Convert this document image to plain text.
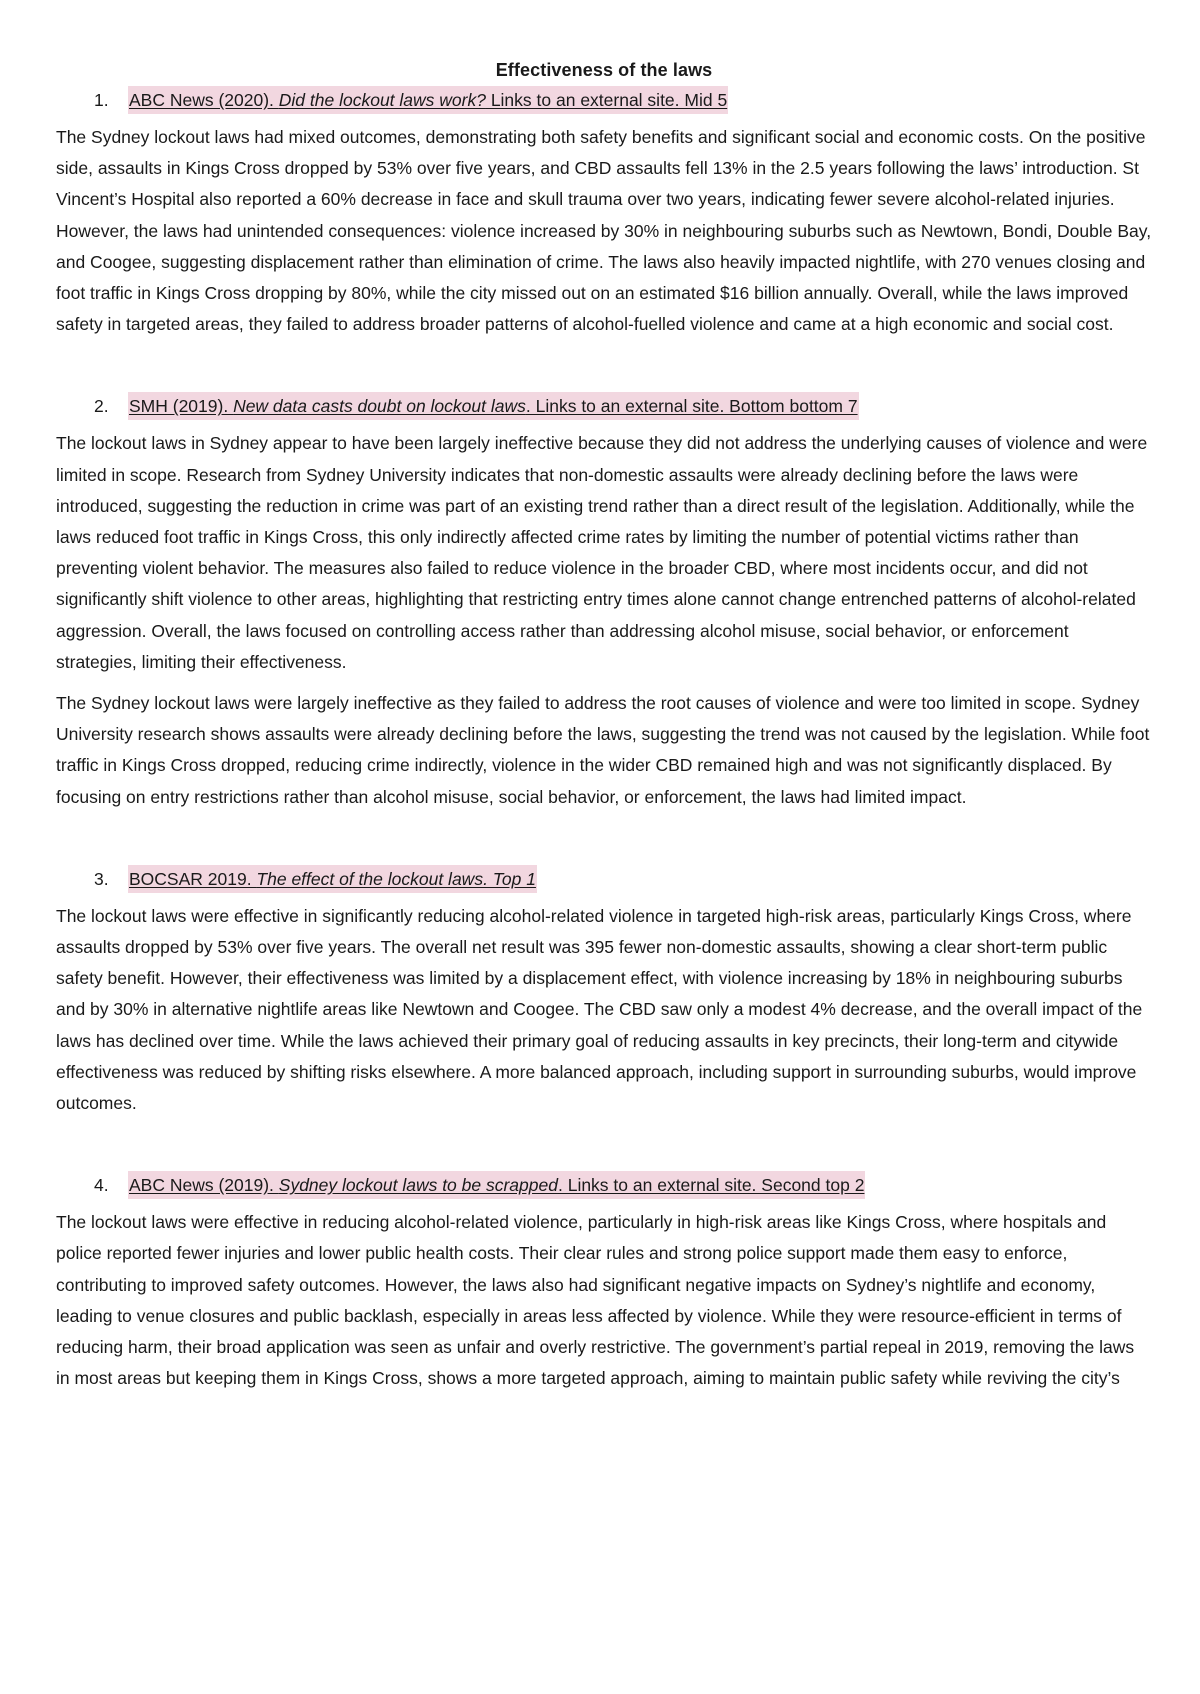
Effectiveness of the laws
1.	ABC News (2020). Did the lockout laws work? Links to an external site. Mid 5

The Sydney lockout laws had mixed outcomes, demonstrating both safety benefits and significant social and economic costs. On the positive side, assaults in Kings Cross dropped by 53% over five years, and CBD assaults fell 13% in the 2.5 years following the laws’ introduction. St Vincent’s Hospital also reported a 60% decrease in face and skull trauma over two years, indicating fewer severe alcohol-related injuries. However, the laws had unintended consequences: violence increased by 30% in neighbouring suburbs such as Newtown, Bondi, Double Bay, and Coogee, suggesting displacement rather than elimination of crime. The laws also heavily impacted nightlife, with 270 venues closing and foot traffic in Kings Cross dropping by 80%, while the city missed out on an estimated $16 billion annually. Overall, while the laws improved safety in targeted areas, they failed to address broader patterns of alcohol-fuelled violence and came at a high economic and social cost.

2.	SMH (2019). New data casts doubt on lockout laws. Links to an external site. Bottom bottom 7

The lockout laws in Sydney appear to have been largely ineffective because they did not address the underlying causes of violence and were limited in scope. Research from Sydney University indicates that non-domestic assaults were already declining before the laws were introduced, suggesting the reduction in crime was part of an existing trend rather than a direct result of the legislation. Additionally, while the laws reduced foot traffic in Kings Cross, this only indirectly affected crime rates by limiting the number of potential victims rather than preventing violent behavior. The measures also failed to reduce violence in the broader CBD, where most incidents occur, and did not significantly shift violence to other areas, highlighting that restricting entry times alone cannot change entrenched patterns of alcohol-related aggression. Overall, the laws focused on controlling access rather than addressing alcohol misuse, social behavior, or enforcement strategies, limiting their effectiveness.

The Sydney lockout laws were largely ineffective as they failed to address the root causes of violence and were too limited in scope. Sydney University research shows assaults were already declining before the laws, suggesting the trend was not caused by the legislation. While foot traffic in Kings Cross dropped, reducing crime indirectly, violence in the wider CBD remained high and was not significantly displaced. By focusing on entry restrictions rather than alcohol misuse, social behavior, or enforcement, the laws had limited impact.

3.	BOCSAR 2019. The effect of the lockout laws. Top 1

The lockout laws were effective in significantly reducing alcohol-related violence in targeted high-risk areas, particularly Kings Cross, where assaults dropped by 53% over five years. The overall net result was 395 fewer non-domestic assaults, showing a clear short-term public safety benefit. However, their effectiveness was limited by a displacement effect, with violence increasing by 18% in neighbouring suburbs and by 30% in alternative nightlife areas like Newtown and Coogee. The CBD saw only a modest 4% decrease, and the overall impact of the laws has declined over time. While the laws achieved their primary goal of reducing assaults in key precincts, their long-term and citywide effectiveness was reduced by shifting risks elsewhere. A more balanced approach, including support in surrounding suburbs, would improve outcomes.

4.	ABC News (2019). Sydney lockout laws to be scrapped. Links to an external site. Second top 2

The lockout laws were effective in reducing alcohol-related violence, particularly in high-risk areas like Kings Cross, where hospitals and police reported fewer injuries and lower public health costs. Their clear rules and strong police support made them easy to enforce, contributing to improved safety outcomes. However, the laws also had significant negative impacts on Sydney’s nightlife and economy, leading to venue closures and public backlash, especially in areas less affected by violence. While they were resource-efficient in terms of reducing harm, their broad application was seen as unfair and overly restrictive. The government’s partial repeal in 2019, removing the laws in most areas but keeping them in Kings Cross, shows a more targeted approach, aiming to maintain public safety while reviving the city’s
